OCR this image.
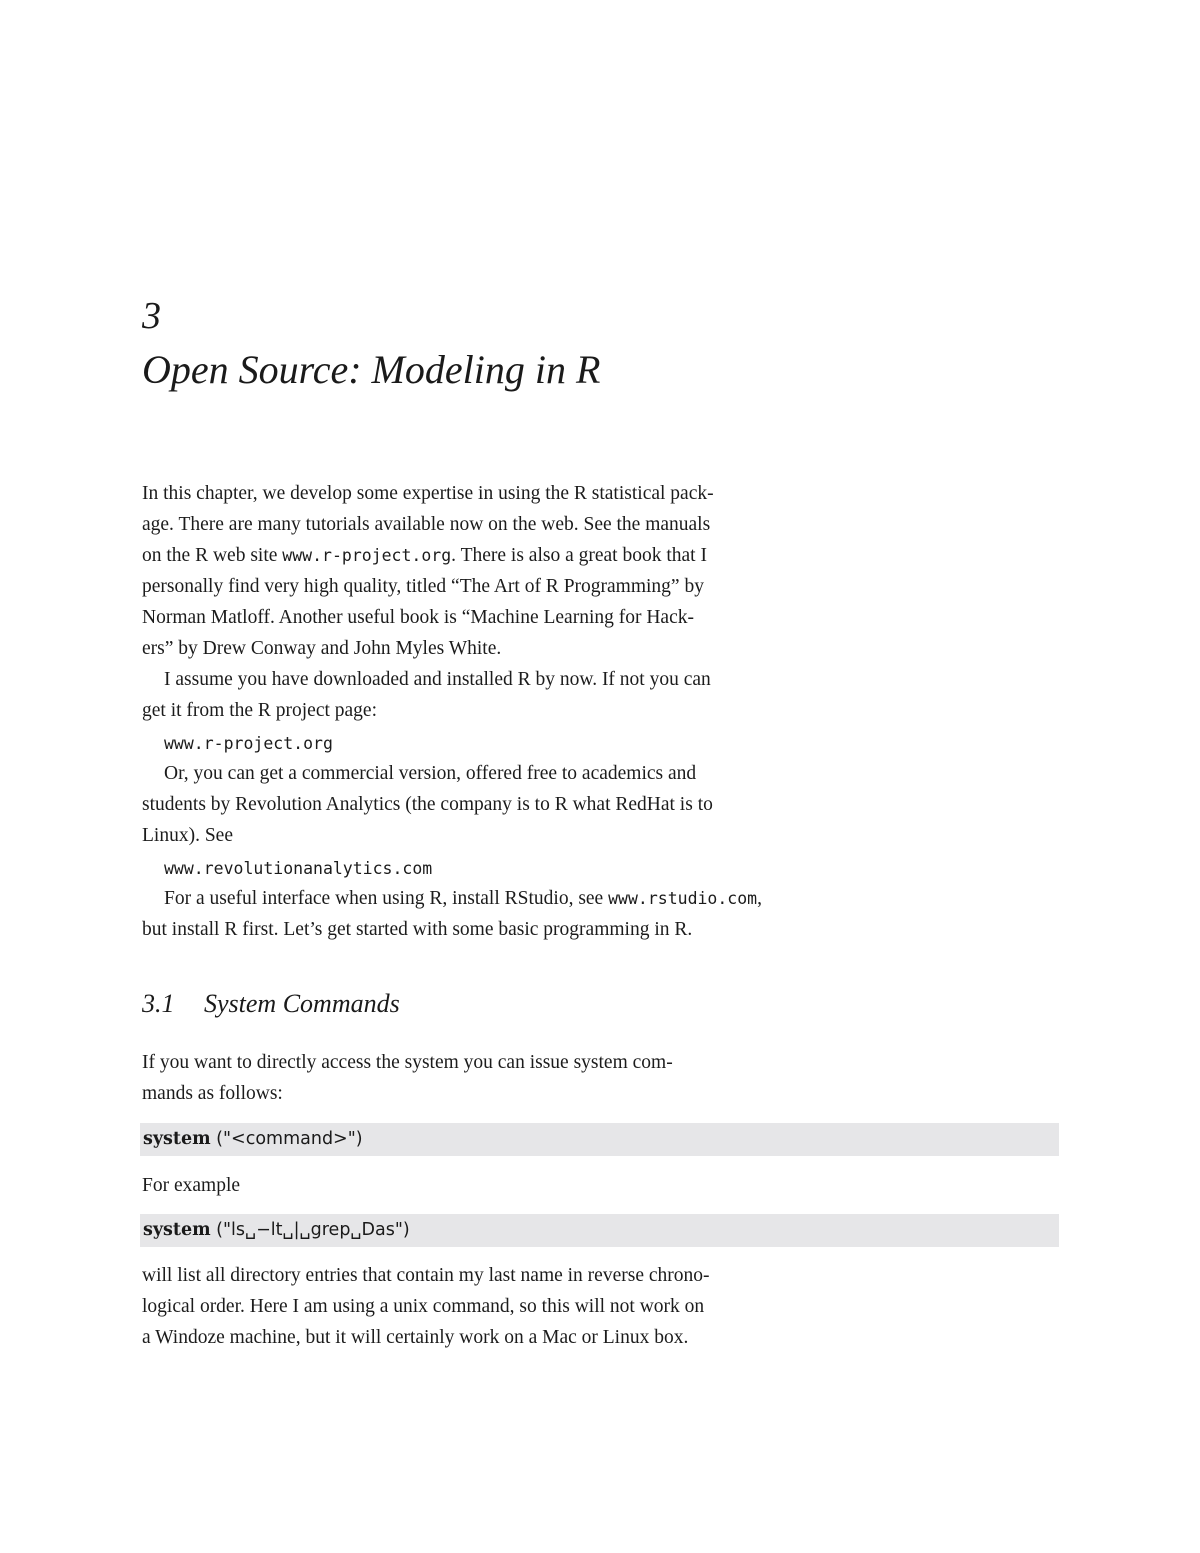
3
Open Source: Modeling in R
In this chapter, we develop some expertise in using the R statistical pack-
age. There are many tutorials available now on the web. See the manuals
on the R web site www.r-project.org. There is also a great book that I
personally find very high quality, titled “The Art of R Programming” by
Norman Matloff. Another useful book is “Machine Learning for Hack-
ers” by Drew Conway and John Myles White.
I assume you have downloaded and installed R by now. If not you can
get it from the R project page:
www.r-project.org
Or, you can get a commercial version, offered free to academics and
students by Revolution Analytics (the company is to R what RedHat is to
Linux). See
www.revolutionanalytics.com
For a useful interface when using R, install RStudio, see www.rstudio.com,
but install R first. Let’s get started with some basic programming in R.
3.1 System Commands
If you want to directly access the system you can issue system com-
mands as follows:
system ("<command>")
For example
system ("ls␣−lt␣|␣grep␣Das")
will list all directory entries that contain my last name in reverse chrono-
logical order. Here I am using a unix command, so this will not work on
a Windoze machine, but it will certainly work on a Mac or Linux box.
